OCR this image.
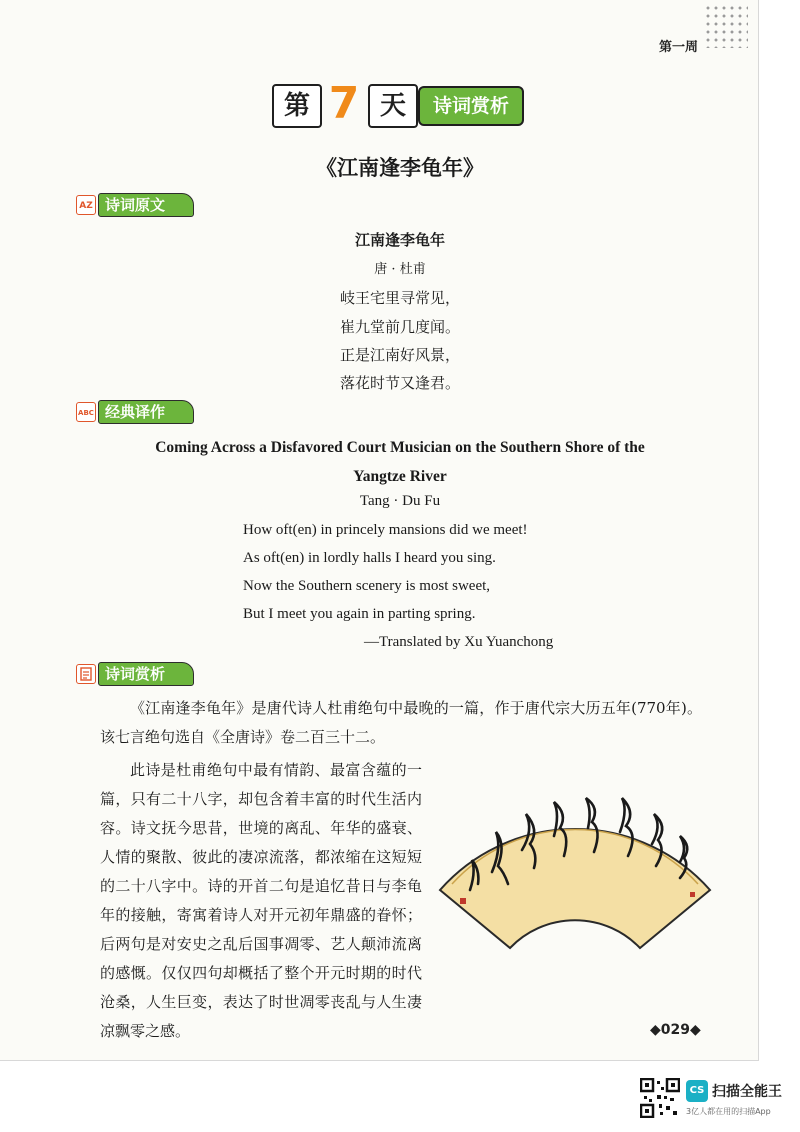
第一周
第 7 天	诗词赏析
《江南逢李龟年》
AZ 诗词原文
江南逢李龟年
唐 · 杜甫
岐王宅里寻常见，
崔九堂前几度闻。
正是江南好风景，
落花时节又逢君。
ABC 经典译作
Coming Across a Disfavored Court Musician on the Southern Shore of the Yangtze River
Tang · Du Fu
How oft(en) in princely mansions did we meet!
As oft(en) in lordly halls I heard you sing.
Now the Southern scenery is most sweet,
But I meet you again in parting spring.
—Translated by Xu Yuanchong
诗词赏析
《江南逢李龟年》是唐代诗人杜甫绝句中最晚的一篇，作于唐代宗大历五年(770年)。该七言绝句选自《全唐诗》卷二百三十二。
此诗是杜甫绝句中最有情韵、最富含蕴的一篇，只有二十八字，却包含着丰富的时代生活内容。诗文抚今思昔，世境的离乱、年华的盛衰、人情的聚散、彼此的凄凉流落，都浓缩在这短短的二十八字中。诗的开首二句是追忆昔日与李龟年的接触，寄寓着诗人对开元初年鼎盛的眷怀；后两句是对安史之乱后国事凋零、艺人颠沛流离的感慨。仅仅四句却概括了整个开元时期的时代沧桑，人生巨变，表达了时世凋零丧乱与人生凄凉飘零之感。	◆029◆
CS 扫描全能王
3亿人都在用的扫描App
